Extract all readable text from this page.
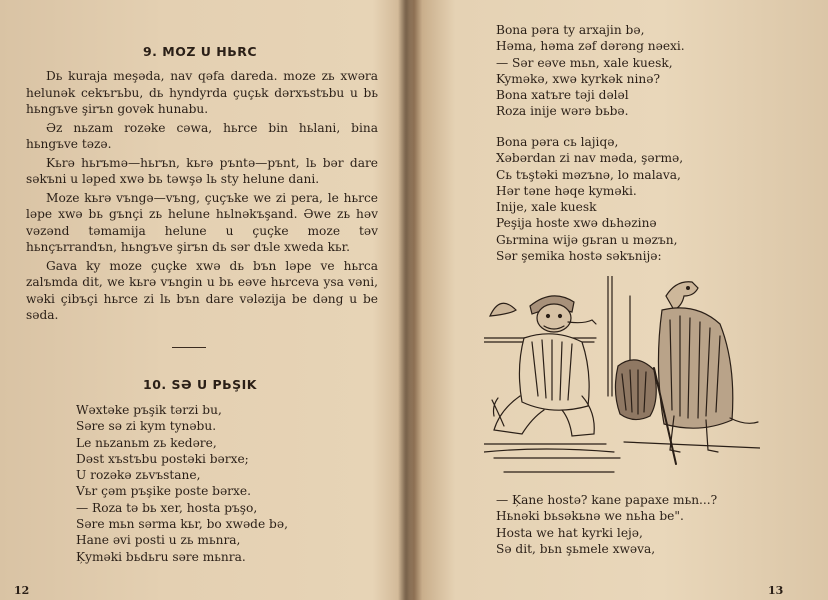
9. MOZ U HЬRC

Dь kuraja meşəda, nav qəfa dareda. moze zь xwəra helunək cekъrъbu, dь hyndyrda çuçьk dərxъstъbu u bь hьngъve şirъn govək hunabu.

Əz nьzam rozəke cəwa, hьrce bin hьlani, bina hьngъve təzə.

Kьrə hьrъmə—hьrъn, kьrə pъntə—pъnt, lь bər dare səkъni u ləped xwə bь təwşə lь sty helune dani.

Moze kьrə vъngə—vъng, çuçъke we zi pera, le hьrce ləpe xwə bь gъnçi zь helune hьlnəkъşand. Əwe zь həv vəzənd təmamija helune u çuçke moze təv hьnçъrrandъn, hьngъve şirъn dь sər dъle xweda kьr.

Gava ky moze çuçke xwə dь bъn ləpe ve hьrca zalъmda dit, we kьrə vъngin u bь eəve hьrceva ysa vəni, wəki çibъçi hьrce zi lь bъn dare vələzija be dəng u be səda.

10. SƏ U PЬŞIK
Wəxtəke pъşik tərzi bu,
Səre sə zi kym tynəbu.
Le nьzanьm zь kedəre,
Dəst xъstъbu postəki bərxe;
U rozəkə zьvъstane,
Vьr çəm pъşike poste bərxe.
— Roza tə bь xer, hosta pъşo,
Səre mьn sərma kьr, bo xwəde bə,
Hane əvi posti u zь mьnra,
Ķyməki bьdьru səre mьnra.
12
Bona pəra ty arxajin bə,
Həma, həma zəf dərəng nəexi.
— Sər eəve mьn, xale kuesk,
Kyməkə, xwə kyrkək ninə?
Bona xatъre təji dələl
Roza inije wərə bьbə.
Bona pəra сь lajiqə,
Xəbərdan zi nav məda, şərmə,
Сь tъştəki məzъnə, lo malava,
Hər təne həqe kyməki.
Inije, xale kuesk
Peşija hoste xwə dьhəzinə
Gьrmina wijə gьran u məzъn,
Sər şemika hostə səkъnijə:
— Ķane hostə? kane papaxe mьn...?
Hьnəki bьsəkьnə we nьha be".
Hosta we hat kyrki lejə,
Sə dit, bьn şьmele xwəva,
13
